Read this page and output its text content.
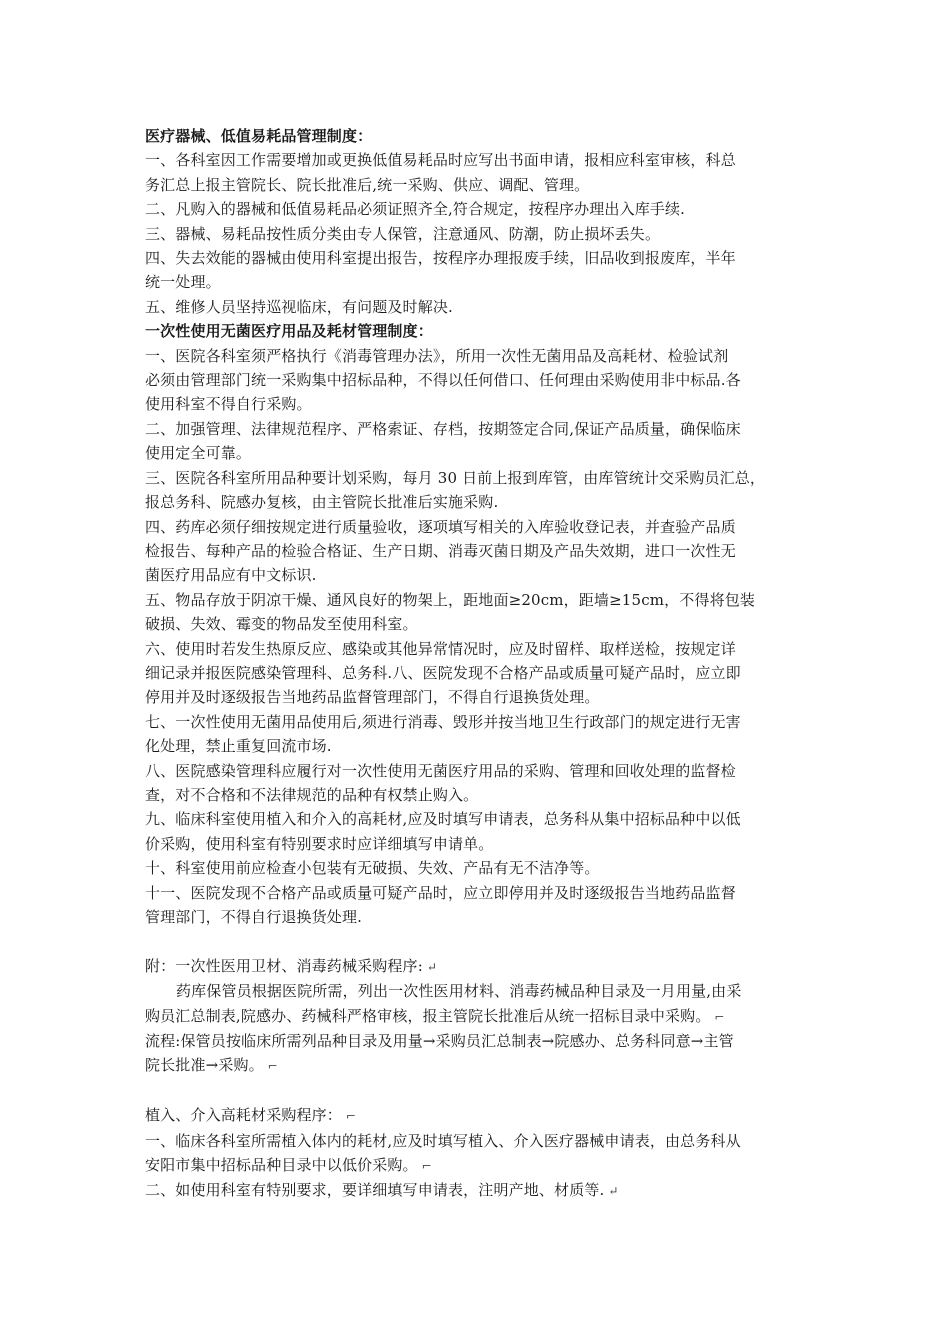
医疗器械、低值易耗品管理制度：
一、各科室因工作需要增加或更换低值易耗品时应写出书面申请，报相应科室审核，科总
务汇总上报主管院长、院长批准后,统一采购、供应、调配、管理。
二、凡购入的器械和低值易耗品必须证照齐全,符合规定，按程序办理出入库手续.
三、器械、易耗品按性质分类由专人保管，注意通风、防潮，防止损坏丢失。
四、失去效能的器械由使用科室提出报告，按程序办理报废手续，旧品收到报废库，半年
统一处理。
五、维修人员坚持巡视临床，有问题及时解决.
一次性使用无菌医疗用品及耗材管理制度：
一、医院各科室须严格执行《消毒管理办法》，所用一次性无菌用品及高耗材、检验试剂
必须由管理部门统一采购集中招标品种，不得以任何借口、任何理由采购使用非中标品.各
使用科室不得自行采购。
二、加强管理、法律规范程序、严格索证、存档，按期签定合同,保证产品质量，确保临床
使用定全可靠。
三、医院各科室所用品种要计划采购，每月 30 日前上报到库管，由库管统计交采购员汇总，
报总务科、院感办复核，由主管院长批准后实施采购.
四、药库必须仔细按规定进行质量验收，逐项填写相关的入库验收登记表，并查验产品质
检报告、每种产品的检验合格证、生产日期、消毒灭菌日期及产品失效期，进口一次性无
菌医疗用品应有中文标识.
五、物品存放于阴凉干燥、通风良好的物架上，距地面≥20cm，距墙≥15cm，不得将包装
破损、失效、霉变的物品发至使用科室。
六、使用时若发生热原反应、感染或其他异常情况时，应及时留样、取样送检，按规定详
细记录并报医院感染管理科、总务科.八、医院发现不合格产品或质量可疑产品时，应立即
停用并及时逐级报告当地药品监督管理部门，不得自行退换货处理。
七、一次性使用无菌用品使用后,须进行消毒、毁形并按当地卫生行政部门的规定进行无害
化处理，禁止重复回流市场.
八、医院感染管理科应履行对一次性使用无菌医疗用品的采购、管理和回收处理的监督检
查，对不合格和不法律规范的品种有权禁止购入。
九、临床科室使用植入和介入的高耗材,应及时填写申请表，总务科从集中招标品种中以低
价采购，使用科室有特别要求时应详细填写申请单。
十、科室使用前应检查小包装有无破损、失效、产品有无不洁净等。
十一、医院发现不合格产品或质量可疑产品时，应立即停用并及时逐级报告当地药品监督
管理部门，不得自行退换货处理.
附：一次性医用卫材、消毒药械采购程序: ↵
药库保管员根据医院所需，列出一次性医用材料、消毒药械品种目录及一月用量,由采
购员汇总制表,院感办、药械科严格审核，报主管院长批准后从统一招标目录中采购。 ⌐
流程:保管员按临床所需列品种目录及用量→采购员汇总制表→院感办、总务科同意→主管
院长批准→采购。 ⌐
植入、介入高耗材采购程序： ⌐
一、临床各科室所需植入体内的耗材,应及时填写植入、介入医疗器械申请表，由总务科从
安阳市集中招标品种目录中以低价采购。 ⌐
二、如使用科室有特别要求，要详细填写申请表，注明产地、材质等. ↵
